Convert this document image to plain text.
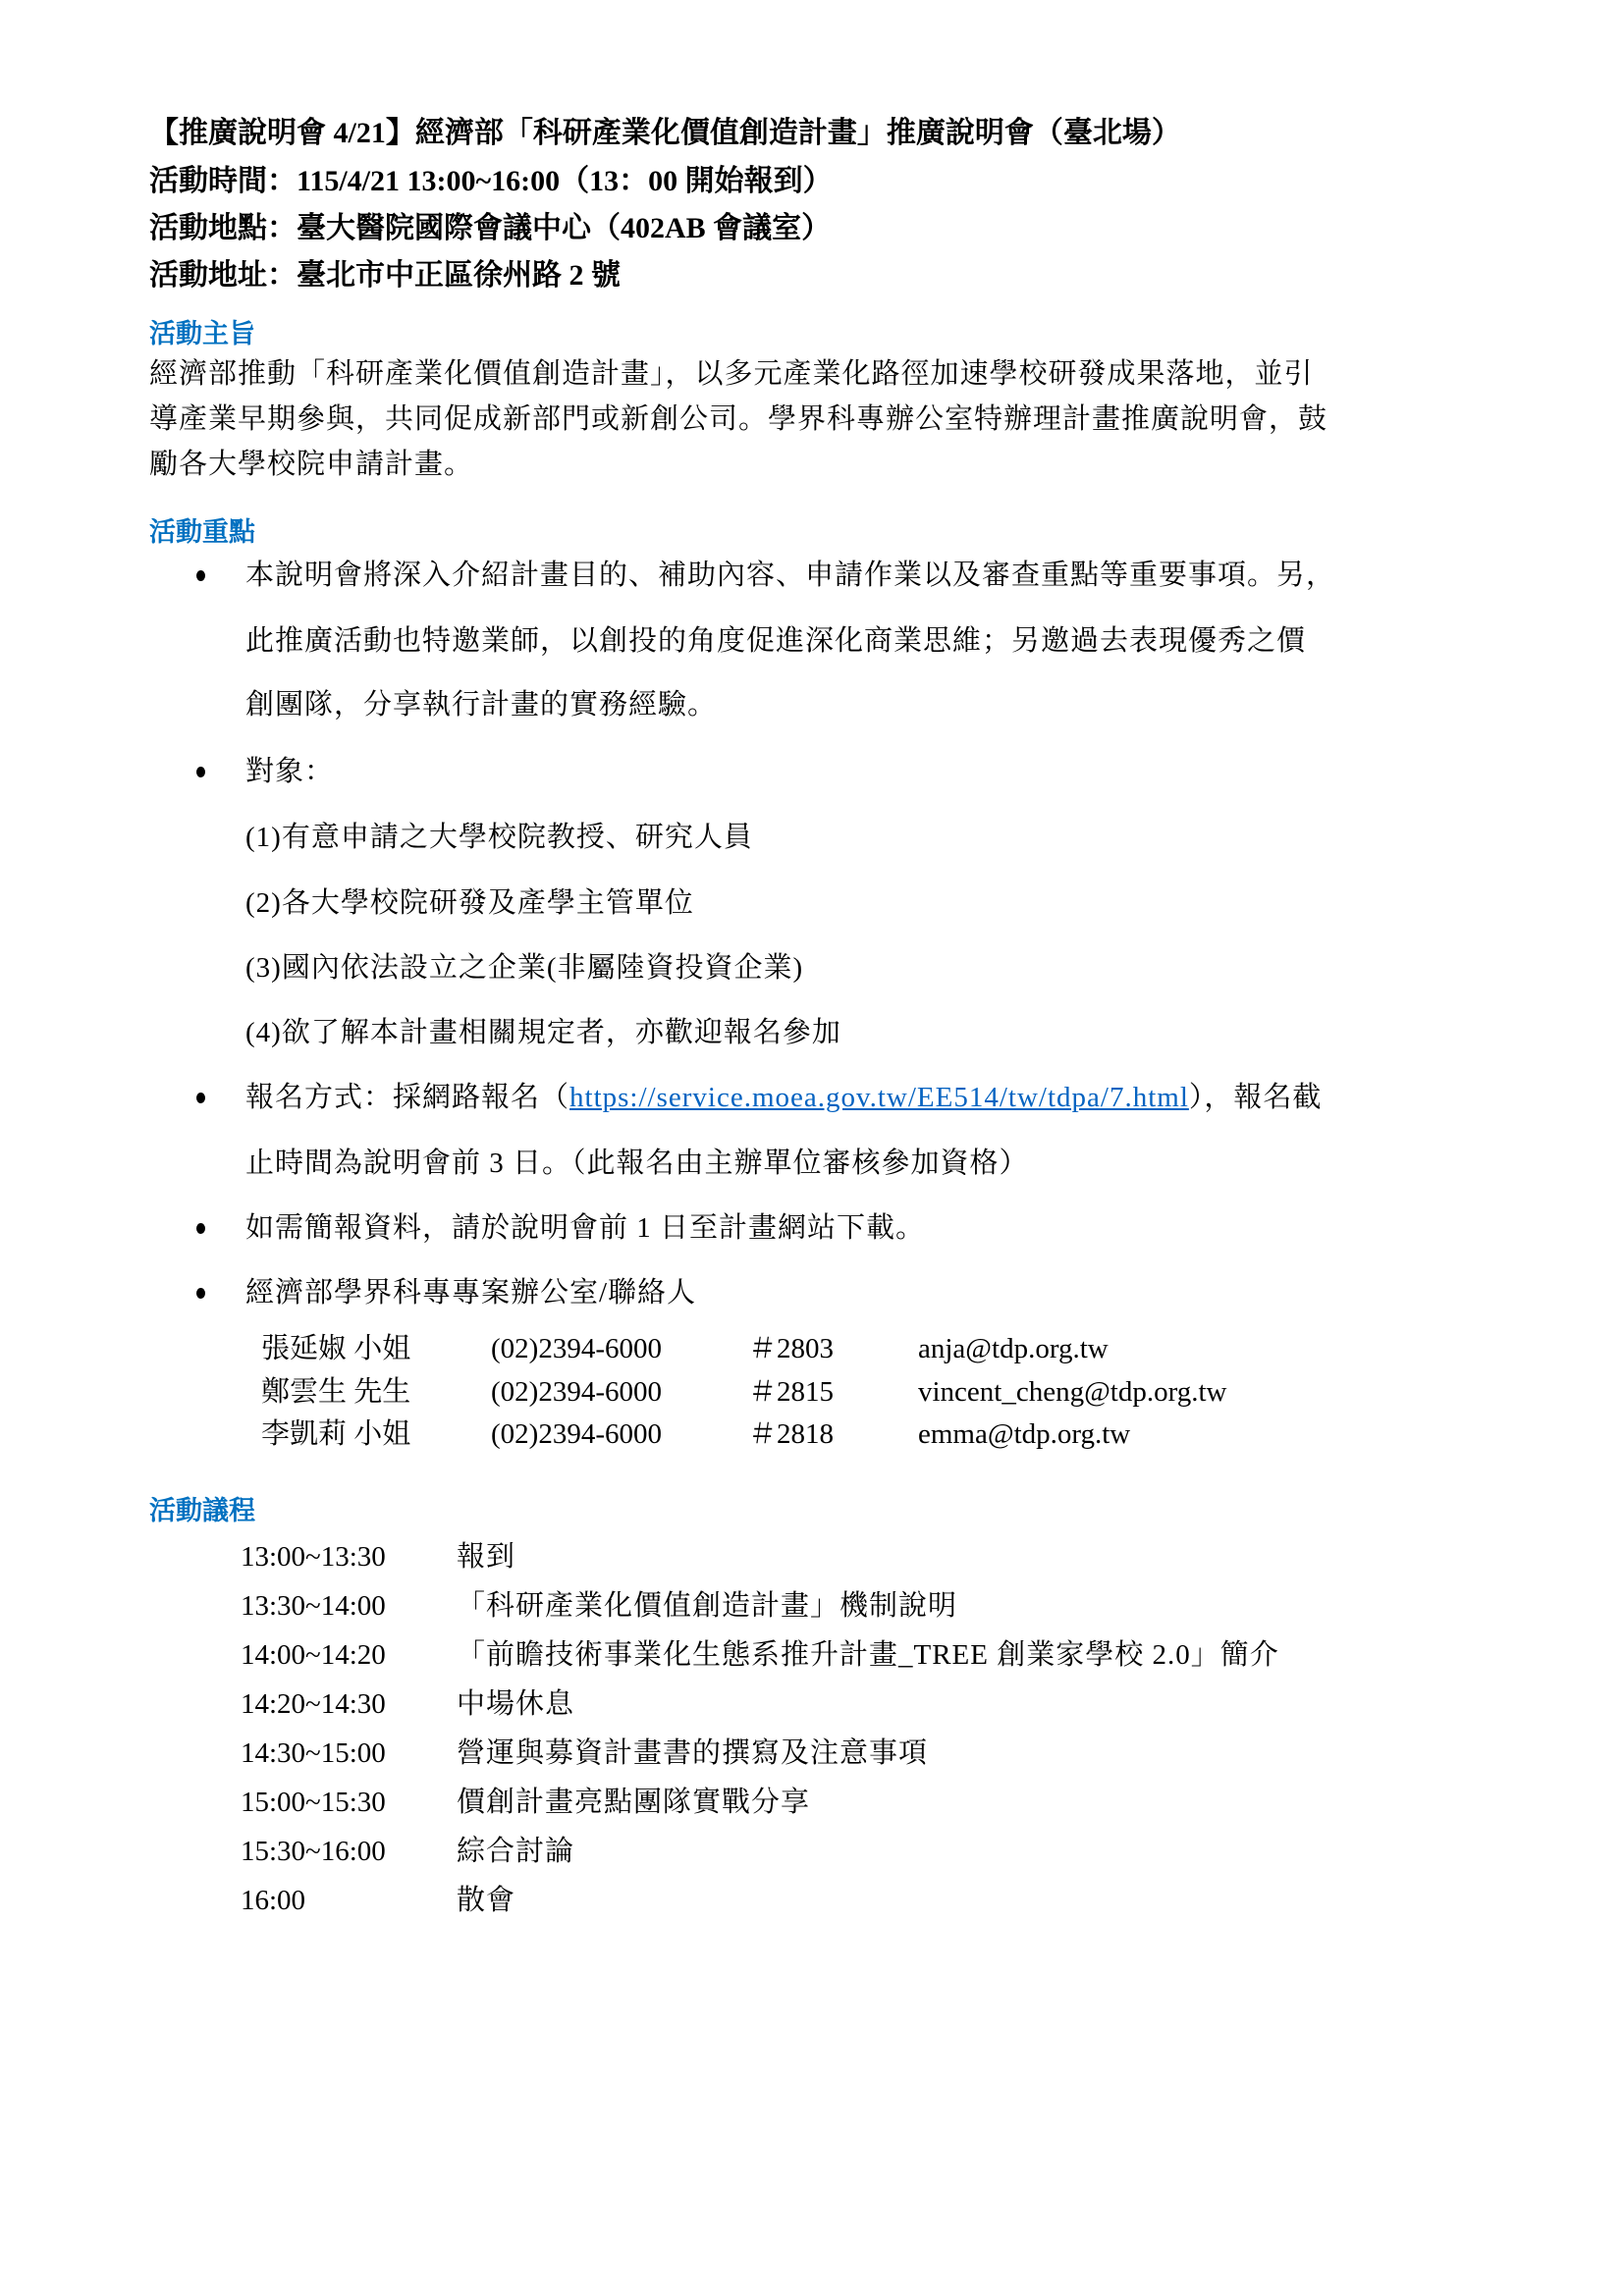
【推廣說明會 4/21】經濟部「科研產業化價值創造計畫」推廣說明會（臺北場）
活動時間：115/4/21 13:00~16:00（13：00 開始報到）
活動地點：臺大醫院國際會議中心（402AB 會議室）
活動地址：臺北市中正區徐州路 2 號
活動主旨
經濟部推動「科研產業化價值創造計畫」，以多元產業化路徑加速學校研發成果落地，並引
導產業早期參與，共同促成新部門或新創公司。學界科專辦公室特辦理計畫推廣說明會，鼓
勵各大學校院申請計畫。
活動重點
本說明會將深入介紹計畫目的、補助內容、申請作業以及審查重點等重要事項。另，
此推廣活動也特邀業師，以創投的角度促進深化商業思維；另邀過去表現優秀之價
創團隊，分享執行計畫的實務經驗。
對象：
(1)有意申請之大學校院教授、研究人員
(2)各大學校院研發及產學主管單位
(3)國內依法設立之企業(非屬陸資投資企業)
(4)欲了解本計畫相關規定者，亦歡迎報名參加
報名方式：採網路報名（https://service.moea.gov.tw/EE514/tw/tdpa/7.html），報名截
止時間為說明會前 3 日。（此報名由主辦單位審核參加資格）
如需簡報資料，請於說明會前 1 日至計畫網站下載。
經濟部學界科專專案辦公室/聯絡人
張延婌 小姐	(02)2394-6000	＃2803	anja@tdp.org.tw
鄭雲生 先生	(02)2394-6000	＃2815	vincent_cheng@tdp.org.tw
李凱莉 小姐	(02)2394-6000	＃2818	emma@tdp.org.tw
活動議程
13:00~13:30 報到
13:30~14:00 「科研產業化價值創造計畫」機制說明
14:00~14:20 「前瞻技術事業化生態系推升計畫_TREE 創業家學校 2.0」簡介
14:20~14:30 中場休息
14:30~15:00 營運與募資計畫書的撰寫及注意事項
15:00~15:30 價創計畫亮點團隊實戰分享
15:30~16:00 綜合討論
16:00	散會
